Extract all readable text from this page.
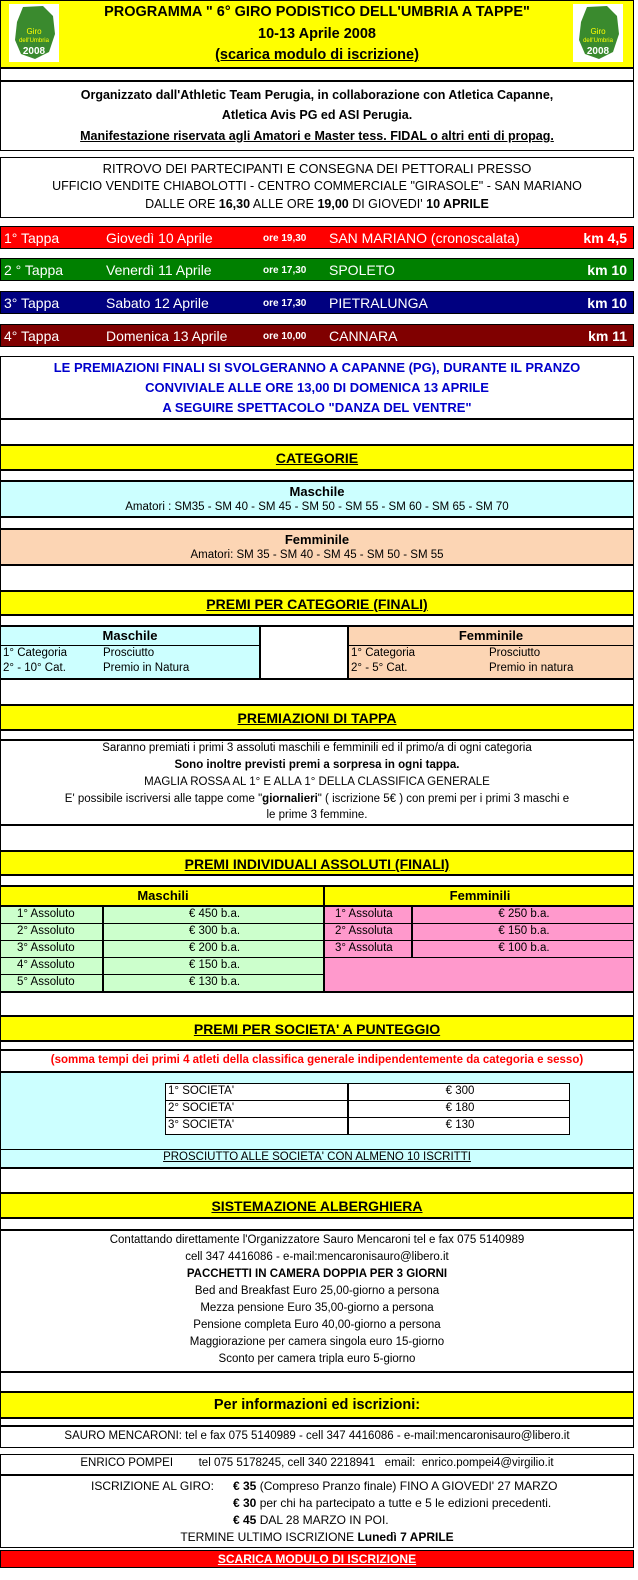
Giro
dell'Umbria
2008
PROGRAMMA " 6° GIRO PODISTICO DELL'UMBRIA A TAPPE"
10-13 Aprile 2008
(scarica modulo di iscrizione)
Giro
dell'Umbria
2008
Organizzato dall'Athletic Team Perugia, in collaborazione con Atletica Capanne,
Atletica Avis PG ed ASI Perugia.
Manifestazione riservata agli Amatori e Master tess. FIDAL o altri enti di propag.
RITROVO DEI PARTECIPANTI E CONSEGNA DEI PETTORALI PRESSO
UFFICIO VENDITE CHIABOLOTTI - CENTRO COMMERCIALE "GIRASOLE" - SAN MARIANO
DALLE ORE 16,30 ALLE ORE 19,00 DI GIOVEDI' 10 APRILE
1° Tappa	Giovedì 10 Aprile	ore 19,30 SAN MARIANO (cronoscalata)	km 4,5
2 ° Tappa	Venerdì 11 Aprile	ore 17,30 SPOLETO	km 10
3° Tappa	Sabato 12 Aprile	ore 17,30 PIETRALUNGA	km 10
4° Tappa	Domenica 13 Aprile	ore 10,00 CANNARA	km 11
LE PREMIAZIONI FINALI SI SVOLGERANNO A CAPANNE (PG), DURANTE IL PRANZO
CONVIVIALE ALLE ORE 13,00 DI DOMENICA 13 APRILE
A SEGUIRE SPETTACOLO "DANZA DEL VENTRE"
CATEGORIE
Maschile
Amatori : SM35 - SM 40 - SM 45 - SM 50 - SM 55 - SM 60 - SM 65 - SM 70
Femminile
Amatori: SM 35 - SM 40 - SM 45 - SM 50 - SM 55
PREMI PER CATEGORIE (FINALI)
Maschile
1° Categoria	Prosciutto
2° - 10° Cat.	Premio in Natura
Femminile
1° Categoria	Prosciutto
2° - 5° Cat.	Premio in natura
PREMIAZIONI DI TAPPA
Saranno premiati i primi 3 assoluti maschili e femminili ed il primo/a di ogni categoria
Sono inoltre previsti premi a sorpresa in ogni tappa.
MAGLIA ROSSA AL 1° E ALLA 1° DELLA CLASSIFICA GENERALE
E' possibile iscriversi alle tappe come "giornalieri" ( iscrizione 5€ ) con premi per i primi 3 maschi e
le prime 3 femmine.
PREMI INDIVIDUALI ASSOLUTI (FINALI)
Maschili	Femminili
1° Assoluto	€ 450 b.a.
2° Assoluto	€ 300 b.a.
3° Assoluto	€ 200 b.a.
4° Assoluto	€ 150 b.a.
5° Assoluto	€ 130 b.a.
1° Assoluta	€ 250 b.a.
2° Assoluta	€ 150 b.a.
3° Assoluta	€ 100 b.a.
PREMI PER SOCIETA' A PUNTEGGIO
(somma tempi dei primi 4 atleti della classifica generale indipendentemente da categoria e sesso)
1° SOCIETA'	€ 300
2° SOCIETA'	€ 180
3° SOCIETA'	€ 130
PROSCIUTTO ALLE SOCIETA' CON ALMENO 10 ISCRITTI
SISTEMAZIONE ALBERGHIERA
Contattando direttamente l'Organizzatore Sauro Mencaroni tel e fax 075 5140989
cell 347 4416086 - e-mail:mencaronisauro@libero.it
PACCHETTI IN CAMERA DOPPIA PER 3 GIORNI
Bed and Breakfast Euro 25,00-giorno a persona
Mezza pensione Euro 35,00-giorno a persona
Pensione completa Euro 40,00-giorno a persona
Maggiorazione per camera singola euro 15-giorno
Sconto per camera tripla euro 5-giorno
Per informazioni ed iscrizioni:
SAURO MENCARONI: tel e fax 075 5140989 - cell 347 4416086 - e-mail:mencaronisauro@libero.it
ENRICO POMPEI        tel 075 5178245, cell 340 2218941   email:  enrico.pompei4@virgilio.it
ISCRIZIONE AL GIRO: € 35 (Compreso Pranzo finale) FINO A GIOVEDI' 27 MARZO
€ 30 per chi ha partecipato a tutte e 5 le edizioni precedenti.
€ 45 DAL 28 MARZO IN POI.
TERMINE ULTIMO ISCRIZIONE Lunedì 7 APRILE
SCARICA MODULO DI ISCRIZIONE
